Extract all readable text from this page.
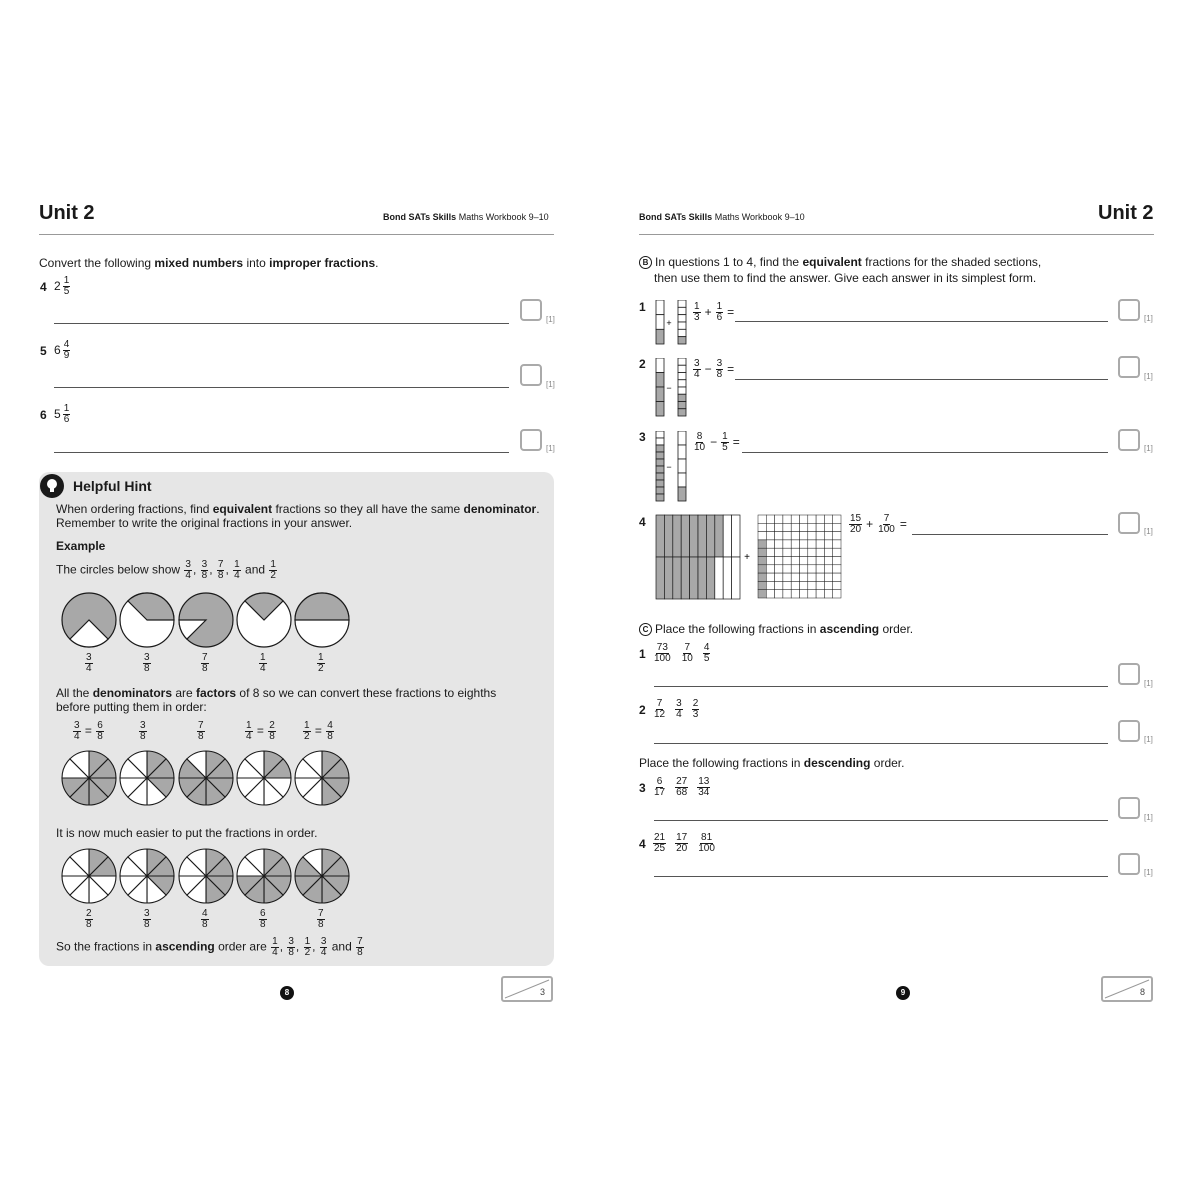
Unit 2	Bond SATs Skills Maths Workbook 9–10
Convert the following mixed numbers into improper fractions.
4 $2 \frac{1}{5}$
[1]
5 $6 \frac{4}{9}$
[1]
6 $5 \frac{1}{6}$
[1]
Helpful Hint
When ordering fractions, find equivalent fractions so they all have the same denominator.
Remember to write the original fractions in your answer.
Example
The circles below show $\frac{3}{4}$ , $\frac{3}{8}$ , $\frac{7}{8}$ , $\frac{1}{4}$ and $\frac{1}{2}$
$\frac{3}{4}$	$\frac{3}{8}$	$\frac{7}{8}$	$\frac{1}{4}$	$\frac{1}{2}$
All the denominators are factors of 8 so we can convert these fractions to eighths
before putting them in order:
$\frac{3}{4} = \frac{6}{8}$	$\frac{3}{8}$	$\frac{7}{8}$	$\frac{1}{4} = \frac{2}{8}$	$\frac{1}{2} = \frac{4}{8}$
It is now much easier to put the fractions in order.
$\frac{2}{8}$	$\frac{3}{8}$	$\frac{4}{8}$	$\frac{6}{8}$	$\frac{7}{8}$
So the fractions in ascending order are $\frac{1}{4}$ , $\frac{3}{8}$ , $\frac{1}{2}$ , $\frac{3}{4}$ and $\frac{7}{8}$
8	3
Bond SATs Skills Maths Workbook 9–10	Unit 2
B In questions 1 to 4, find the equivalent fractions for the shaded sections,
then use them to find the answer. Give each answer in its simplest form.
1
+ $\frac{1}{3} + \frac{1}{6}$ =	[1]
2
−
$\frac{3}{4} - \frac{3}{8}$ =
[1]
3
−
$\frac{8}{10} - \frac{1}{5}$ =	[1]
4
+
$\frac{15}{20} + \frac{7}{100}$ =
[1]
C Place the following fractions in ascending order.
$1 \frac{73}{100} \frac{7}{10} \frac{4}{5}$
[1]
$2 \frac{7}{12} \frac{3}{4} \frac{2}{3}$
[1]
Place the following fractions in descending order.
$3 \frac{6}{17} \frac{27}{68} \frac{13}{34}$
[1]
$4 \frac{21}{25} \frac{17}{20} \frac{81}{100}$
[1]
9	8
